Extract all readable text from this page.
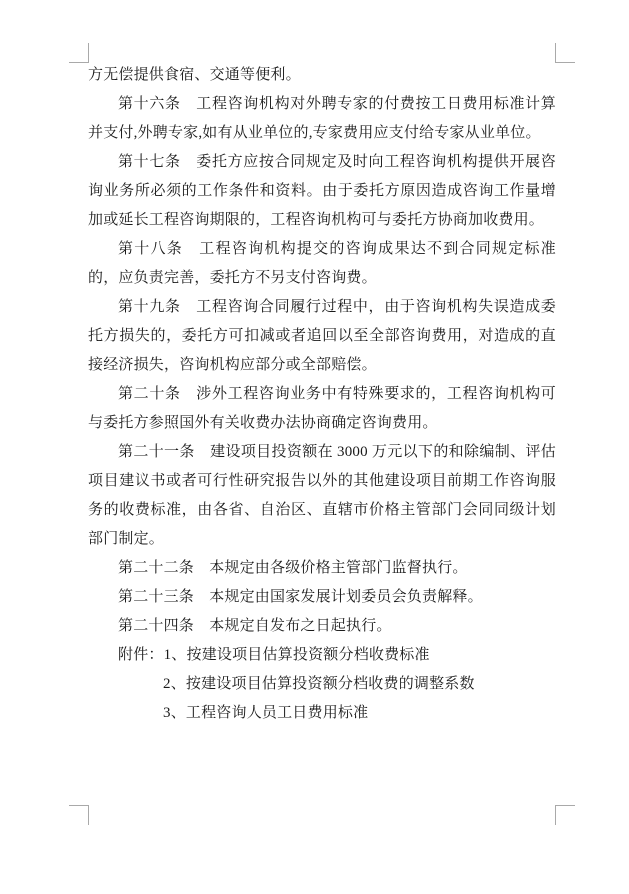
方无偿提供食宿、交通等便利。

第十六条　工程咨询机构对外聘专家的付费按工日费用标准计算并支付,外聘专家,如有从业单位的,专家费用应支付给专家从业单位。

第十七条　委托方应按合同规定及时向工程咨询机构提供开展咨询业务所必须的工作条件和资料。由于委托方原因造成咨询工作量增加或延长工程咨询期限的，工程咨询机构可与委托方协商加收费用。

第十八条　工程咨询机构提交的咨询成果达不到合同规定标准的，应负责完善，委托方不另支付咨询费。

第十九条　工程咨询合同履行过程中，由于咨询机构失误造成委托方损失的，委托方可扣减或者追回以至全部咨询费用，对造成的直接经济损失，咨询机构应部分或全部赔偿。

第二十条　涉外工程咨询业务中有特殊要求的，工程咨询机构可与委托方参照国外有关收费办法协商确定咨询费用。

第二十一条　建设项目投资额在 3000 万元以下的和除编制、评估项目建议书或者可行性研究报告以外的其他建设项目前期工作咨询服务的收费标准，由各省、自治区、直辖市价格主管部门会同同级计划部门制定。

第二十二条　本规定由各级价格主管部门监督执行。

第二十三条　本规定由国家发展计划委员会负责解释。

第二十四条　本规定自发布之日起执行。

附件：1、按建设项目估算投资额分档收费标准

2、按建设项目估算投资额分档收费的调整系数

3、工程咨询人员工日费用标准
